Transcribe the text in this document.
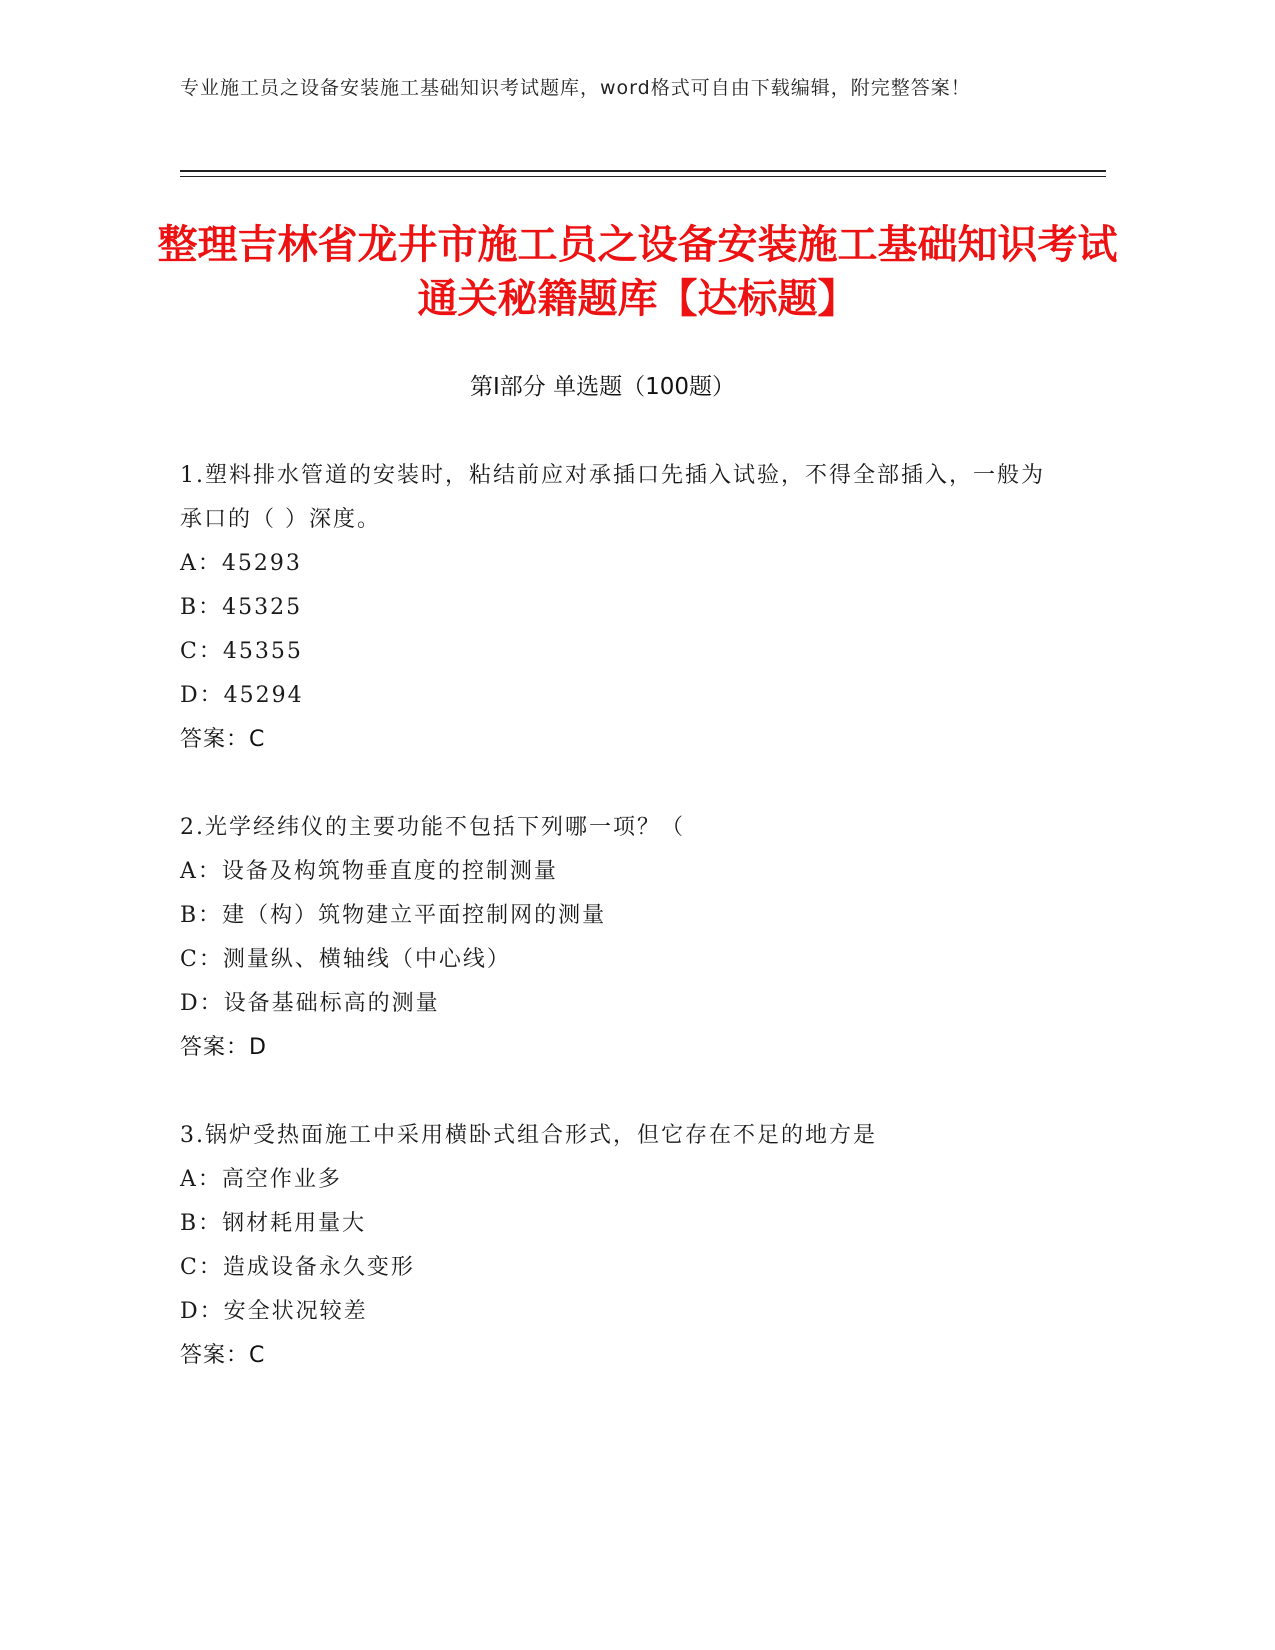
专业施工员之设备安装施工基础知识考试题库，word格式可自由下载编辑，附完整答案！
整理吉林省龙井市施工员之设备安装施工基础知识考试通关秘籍题库【达标题】
第Ⅰ部分 单选题（100题）
1.塑料排水管道的安装时，粘结前应对承插口先插入试验，不得全部插入，一般为承口的（ ）深度。
A：45293
B：45325
C：45355
D：45294
答案：C
2.光学经纬仪的主要功能不包括下列哪一项？（
A：设备及构筑物垂直度的控制测量
B：建（构）筑物建立平面控制网的测量
C：测量纵、横轴线（中心线）
D：设备基础标高的测量
答案：D
3.锅炉受热面施工中采用横卧式组合形式，但它存在不足的地方是
A：高空作业多
B：钢材耗用量大
C：造成设备永久变形
D：安全状况较差
答案：C
